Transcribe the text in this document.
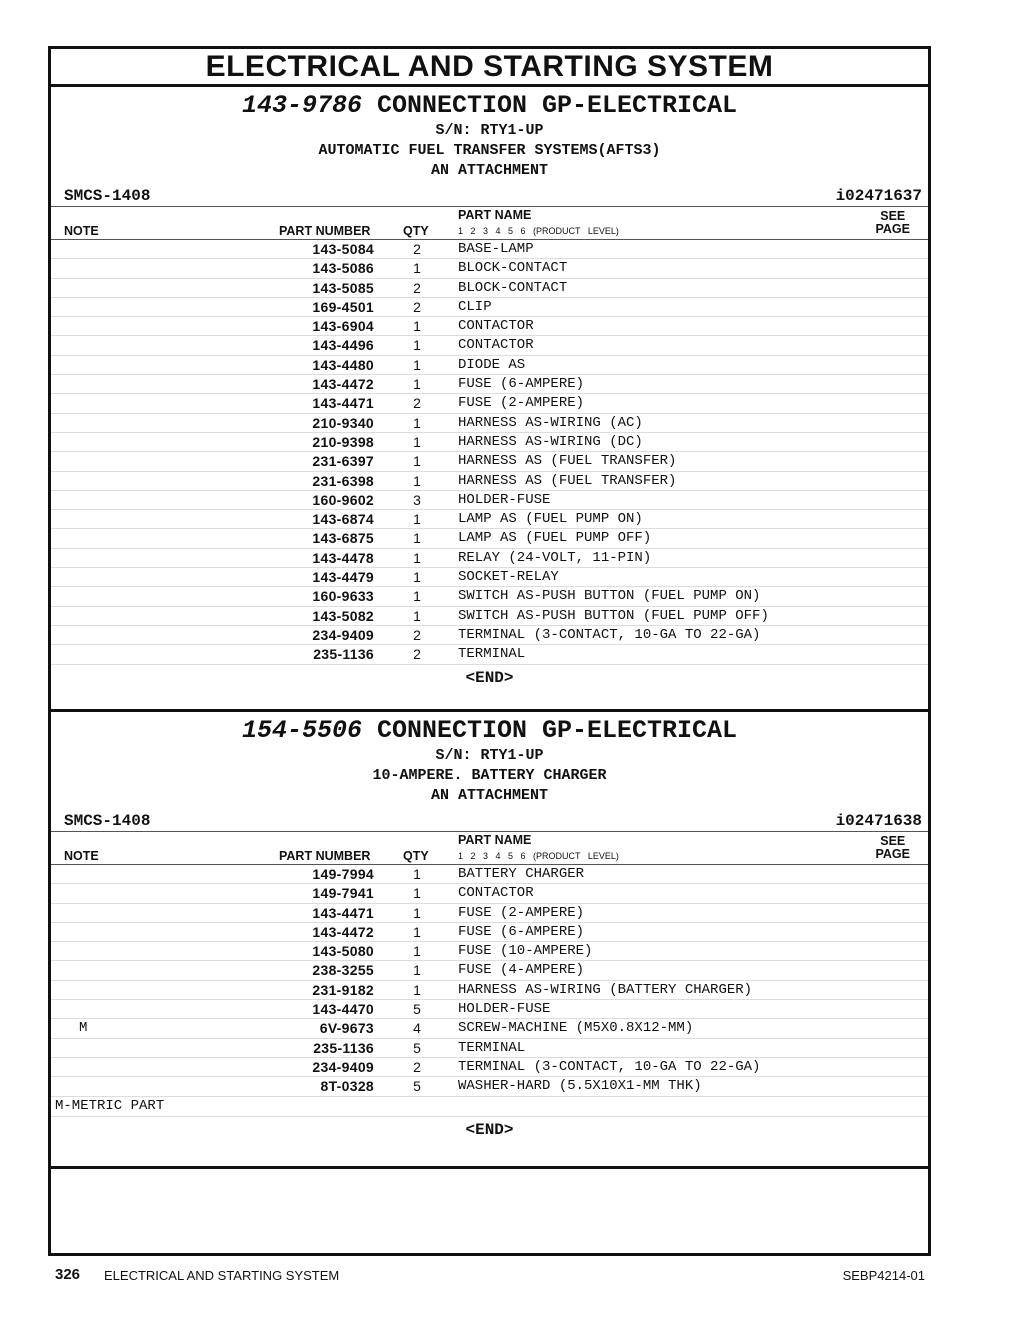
ELECTRICAL AND STARTING SYSTEM
143-9786 CONNECTION GP-ELECTRICAL
S/N: RTY1-UP
AUTOMATIC FUEL TRANSFER SYSTEMS(AFTS3)
AN ATTACHMENT
SMCS-1408	i02471637
NOTE	PART NUMBER	QTY
PART NAME
1 2 3 4 5 6 (PRODUCT LEVEL)
SEE
PAGE
143-5084	2	BASE-LAMP
143-5086	1	BLOCK-CONTACT
143-5085	2	BLOCK-CONTACT
169-4501	2	CLIP
143-6904	1	CONTACTOR
143-4496	1	CONTACTOR
143-4480	1	DIODE AS
143-4472	1	FUSE (6-AMPERE)
143-4471	2	FUSE (2-AMPERE)
210-9340	1	HARNESS AS-WIRING (AC)
210-9398	1	HARNESS AS-WIRING (DC)
231-6397	1	HARNESS AS (FUEL TRANSFER)
231-6398	1	HARNESS AS (FUEL TRANSFER)
160-9602	3	HOLDER-FUSE
143-6874	1	LAMP AS (FUEL PUMP ON)
143-6875	1	LAMP AS (FUEL PUMP OFF)
143-4478	1	RELAY (24-VOLT, 11-PIN)
143-4479	1	SOCKET-RELAY
160-9633	1	SWITCH AS-PUSH BUTTON (FUEL PUMP ON)
143-5082	1	SWITCH AS-PUSH BUTTON (FUEL PUMP OFF)
234-9409	2	TERMINAL (3-CONTACT, 10-GA TO 22-GA)
235-1136	2	TERMINAL
<END>
154-5506 CONNECTION GP-ELECTRICAL
S/N: RTY1-UP
10-AMPERE. BATTERY CHARGER
AN ATTACHMENT
SMCS-1408	i02471638
NOTE	PART NUMBER	QTY
PART NAME
1 2 3 4 5 6 (PRODUCT LEVEL)
SEE
PAGE
149-7994	1	BATTERY CHARGER
149-7941	1	CONTACTOR
143-4471	1	FUSE (2-AMPERE)
143-4472	1	FUSE (6-AMPERE)
143-5080	1	FUSE (10-AMPERE)
238-3255	1	FUSE (4-AMPERE)
231-9182	1	HARNESS AS-WIRING (BATTERY CHARGER)
143-4470	5	HOLDER-FUSE
M	6V-9673	4	SCREW-MACHINE (M5X0.8X12-MM)
235-1136	5	TERMINAL
234-9409	2	TERMINAL (3-CONTACT, 10-GA TO 22-GA)
8T-0328	5	WASHER-HARD (5.5X10X1-MM THK)
M-METRIC PART
<END>
326 ELECTRICAL AND STARTING SYSTEM	SEBP4214-01
